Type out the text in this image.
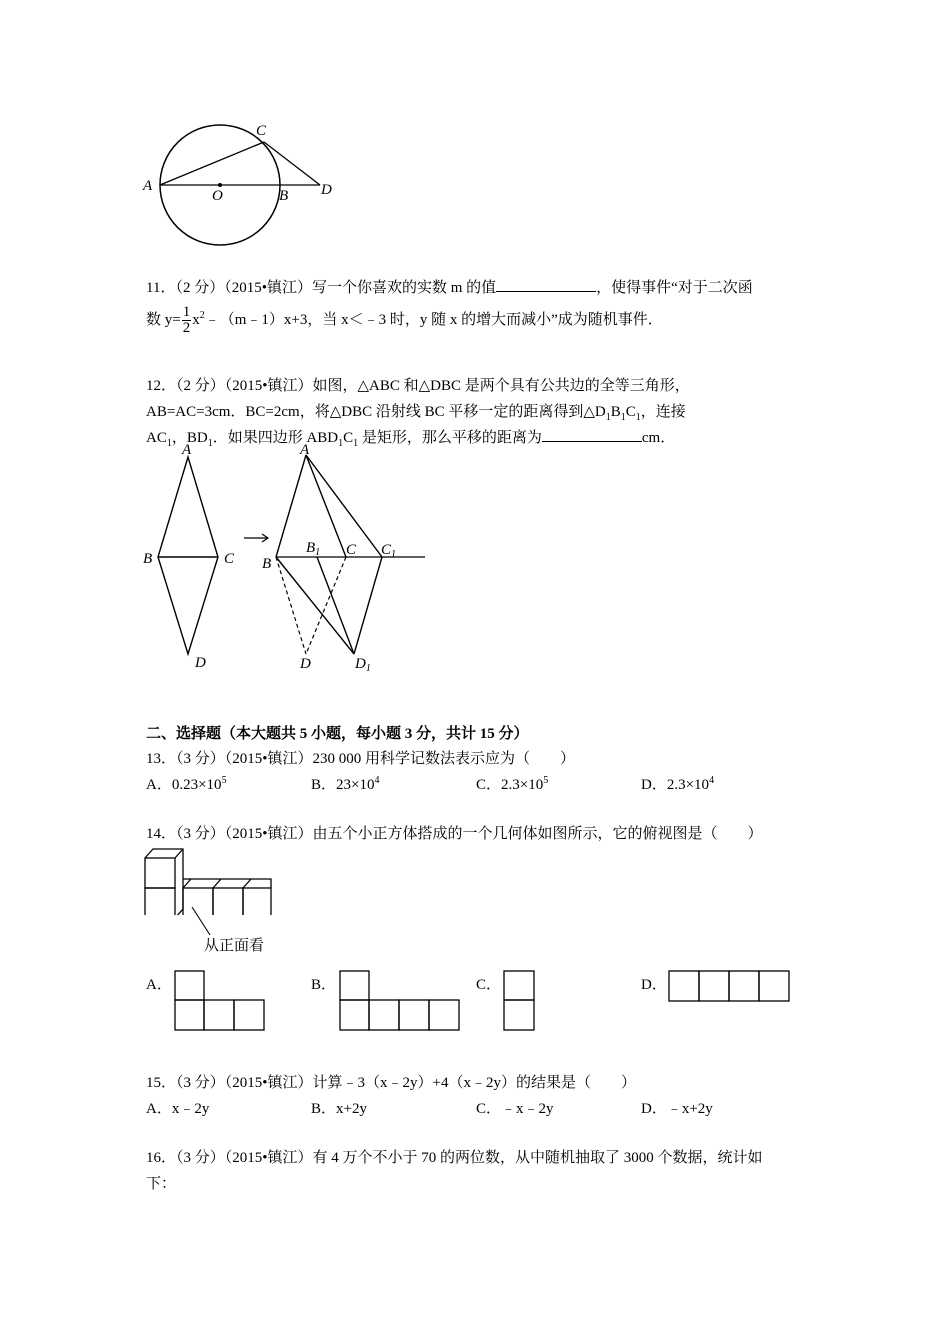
A
O	B
C
D
11．（2 分）（2015•镇江）写一个你喜欢的实数 m 的值	，使得事件“对于二次函
数 $y= \frac{1}{2}$ $x^2﹣(m﹣1)x+3$，当 x＜﹣3 时，y 随 x 的增大而减小”成为随机事件．
12．（2 分）（2015•镇江）如图，△ABC 和△DBC 是两个具有公共边的全等三角形，
AB=AC=3cm．BC=2cm，将△DBC 沿射线 BC 平移一定的距离得到$\triangle D_1B_1C_1$，连接
$AC_1$，$BD_1$．如果四边形 $ABD_1C_1$ 是矩形，那么平移的距离为	cm．
A
B	C
D
A
B
$B_1$ C $C_1$
D	$D_1$
二、选择题（本大题共 5 小题，每小题 3 分，共计 15 分）
13．（3 分）（2015•镇江）230 000 用科学记数法表示应为（　　）
A．$0.23\times 10^5$	B．$23\times 10^4$	C．$2.3\times 10^5$	D．$2.3\times 10^4$
14．（3 分）（2015•镇江）由五个小正方体搭成的一个几何体如图所示，它的俯视图是（　　）
从正面看
A．	B．	C．	D．
15．（3 分）（2015•镇江）计算﹣3（x﹣2y）+4（x﹣2y）的结果是（　　）
A．x﹣2y	B．x+2y	C．﹣x﹣2y	D．﹣x+2y
16．（3 分）（2015•镇江）有 4 万个不小于 70 的两位数，从中随机抽取了 3000 个数据，统计如
下：
